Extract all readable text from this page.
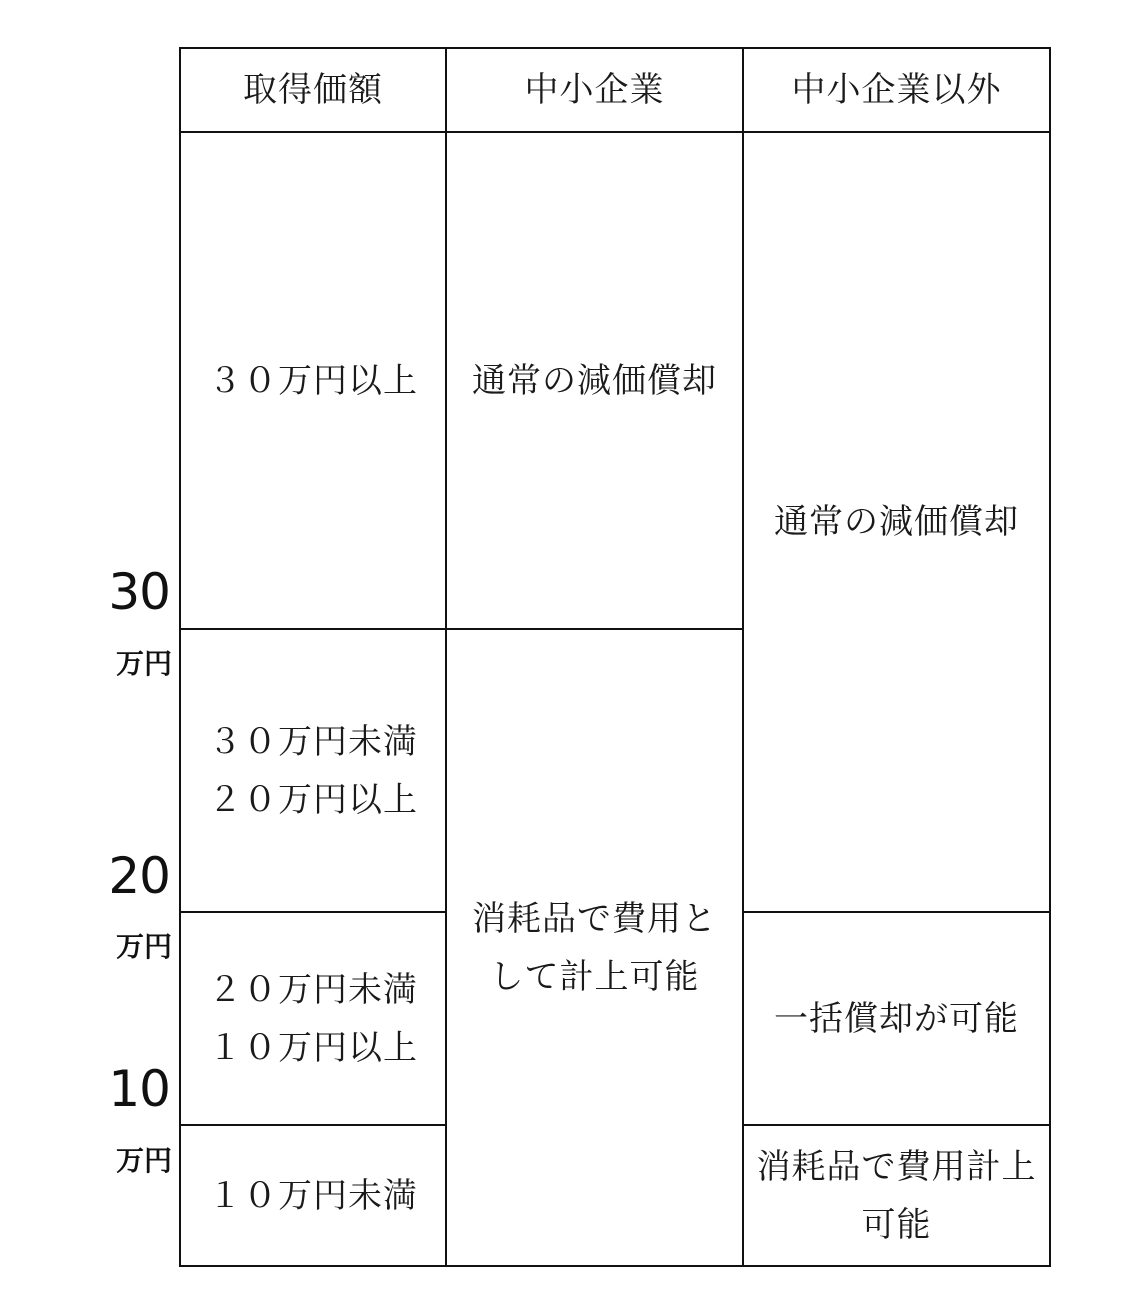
30
万円
20
万円
10
万円
取得価額	中小企業	中小企業以外
３０万円以上
３０万円未満
２０万円以上
２０万円未満
１０万円以上
１０万円未満
通常の減価償却
消耗品で費用と
して計上可能
通常の減価償却
一括償却が可能
消耗品で費用計上
可能
